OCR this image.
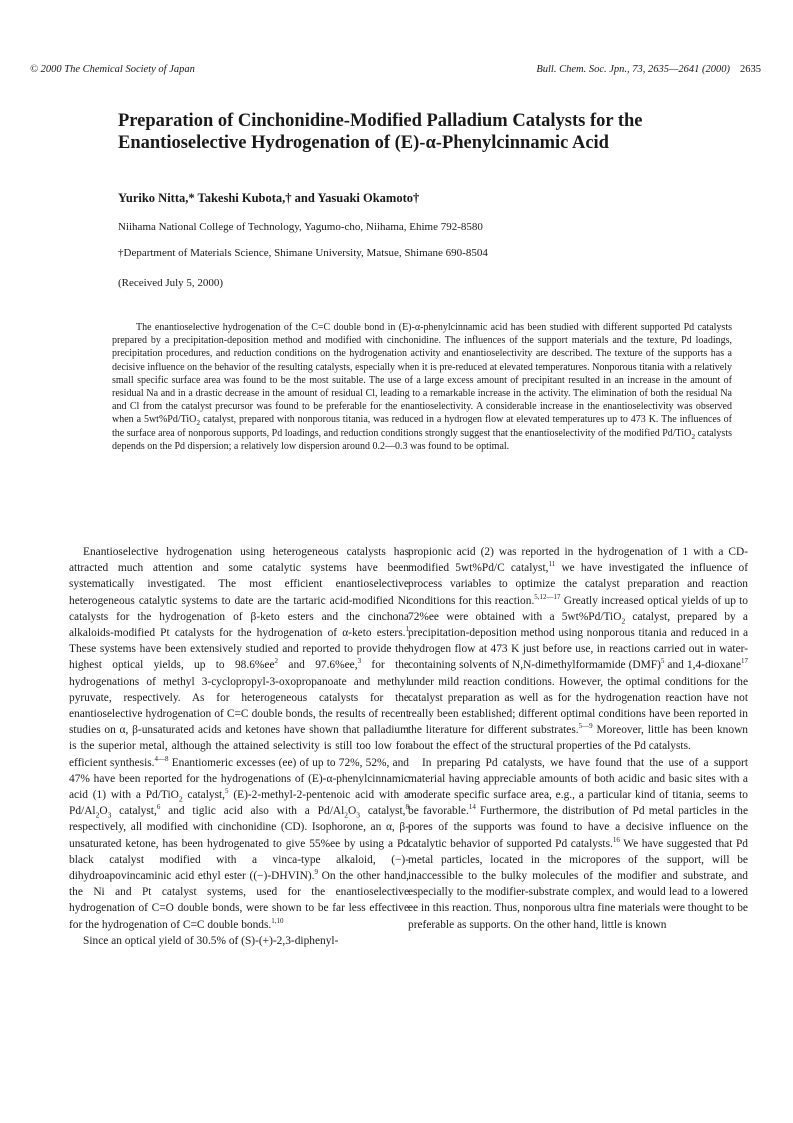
© 2000 The Chemical Society of Japan	Bull. Chem. Soc. Jpn., 73, 2635—2641 (2000) 2635
Preparation of Cinchonidine-Modified Palladium Catalysts for the
Enantioselective Hydrogenation of (E)-α-Phenylcinnamic Acid
Yuriko Nitta,* Takeshi Kubota,† and Yasuaki Okamoto†
Niihama National College of Technology, Yagumo-cho, Niihama, Ehime 792-8580
†Department of Materials Science, Shimane University, Matsue, Shimane 690-8504
(Received July 5, 2000)

The enantioselective hydrogenation of the C=C double bond in (E)-α-phenylcinnamic acid has been studied with different supported Pd catalysts prepared by a precipitation-deposition method and modified with cinchonidine. The influences of the support materials and the texture, Pd loadings, precipitation procedures, and reduction conditions on the hydrogenation activity and enantioselectivity are described. The texture of the supports has a decisive influence on the behavior of the resulting catalysts, especially when it is pre-reduced at elevated temperatures. Nonporous titania with a relatively small specific surface area was found to be the most suitable. The use of a large excess amount of precipitant resulted in an increase in the amount of residual Na and in a drastic decrease in the amount of residual Cl, leading to a remarkable increase in the activity. The elimination of both the residual Na and Cl from the catalyst precursor was found to be preferable for the enantioselectivity. A considerable increase in the enantioselectivity was observed when a 5wt%Pd/TiO$_2$ catalyst, prepared with nonporous titania, was reduced in a hydrogen flow at elevated temperatures up to 473 K. The influences of the surface area of nonporous supports, Pd loadings, and reduction conditions strongly suggest that the enantioselectivity of the modified Pd/TiO$_2$ catalysts depends on the Pd dispersion; a relatively low dispersion around 0.2—0.3 was found to be optimal.

Enantioselective hydrogenation using heterogeneous catalysts has attracted much attention and some catalytic systems have been systematically investigated. The most efficient enantioselective heterogeneous catalytic systems to date are the tartaric acid-modified Ni catalysts for the hydrogenation of β-keto esters and the cinchona alkaloids-modified Pt catalysts for the hydrogenation of α-keto esters.$^1$ These systems have been extensively studied and reported to provide the highest optical yields, up to $98.6\%ee^2$ and 97.6%ee,$^3$ for the hydrogenations of methyl 3-cyclopropyl-3-oxopropanoate and methyl pyruvate, respectively. As for heterogeneous catalysts for the enantioselective hydrogenation of C=C double bonds, the results of recent studies on α, β-unsaturated acids and ketones have shown that palladium is the superior metal, although the attained selectivity is still too low for efficient synthesis.$^{4—8}$ Enantiomeric excesses (ee) of up to 72%, 52%, and 47% have been reported for the hydrogenations of (E)-α-phenylcinnamic acid (1) with a Pd/TiO$_2$ catalyst,$^5$ (E)-2-methyl-2-pentenoic acid with a $Pd/Al_2O_3$ catalyst,$^6$ and tiglic acid also with a $Pd/Al_2O_3$ catalyst,$^8$ respectively, all modified with cinchonidine (CD). Isophorone, an α, β-unsaturated ketone, has been hydrogenated to give 55%ee by using a Pd black catalyst modified with a vinca-type alkaloid, (−)-dihydroapovincaminic acid ethyl ester ((−)-DHVIN).$^9$ On the other hand, the Ni and Pt catalyst systems, used for the enantioselective hydrogenation of C=O double bonds, were shown to be far less effective for the hydrogenation of C=C double bonds.$^{1,10}$

Since an optical yield of 30.5% of (S)-(+)-2,3-diphenyl-

propionic acid (2) was reported in the hydrogenation of 1 with a CD-modified 5wt%Pd/C catalyst,$^{11}$ we have investigated the influence of process variables to optimize the catalyst preparation and reaction conditions for this reaction.$^{5,12—17}$ Greatly increased optical yields of up to 72%ee were obtained with a 5wt%Pd/TiO$_2$ catalyst, prepared by a precipitation-deposition method using nonporous titania and reduced in a hydrogen flow at 473 K just before use, in reactions carried out in water-containing solvents of N,N-dimethylformamide (DMF)$^5$ and 1,4-dioxane$^{17}$ under mild reaction conditions. However, the optimal conditions for the catalyst preparation as well as for the hydrogenation reaction have not really been established; different optimal conditions have been reported in the literature for different substrates.$^{5—9}$ Moreover, little has been known about the effect of the structural properties of the Pd catalysts.

In preparing Pd catalysts, we have found that the use of a support material having appreciable amounts of both acidic and basic sites with a moderate specific surface area, e.g., a particular kind of titania, seems to be favorable.$^{14}$ Furthermore, the distribution of Pd metal particles in the pores of the supports was found to have a decisive influence on the catalytic behavior of supported Pd catalysts.$^{16}$ We have suggested that Pd metal particles, located in the micropores of the support, will be inaccessible to the bulky molecules of the modifier and substrate, and especially to the modifier-substrate complex, and would lead to a lowered ee in this reaction. Thus, nonporous ultra fine materials were thought to be preferable as supports. On the other hand, little is known
